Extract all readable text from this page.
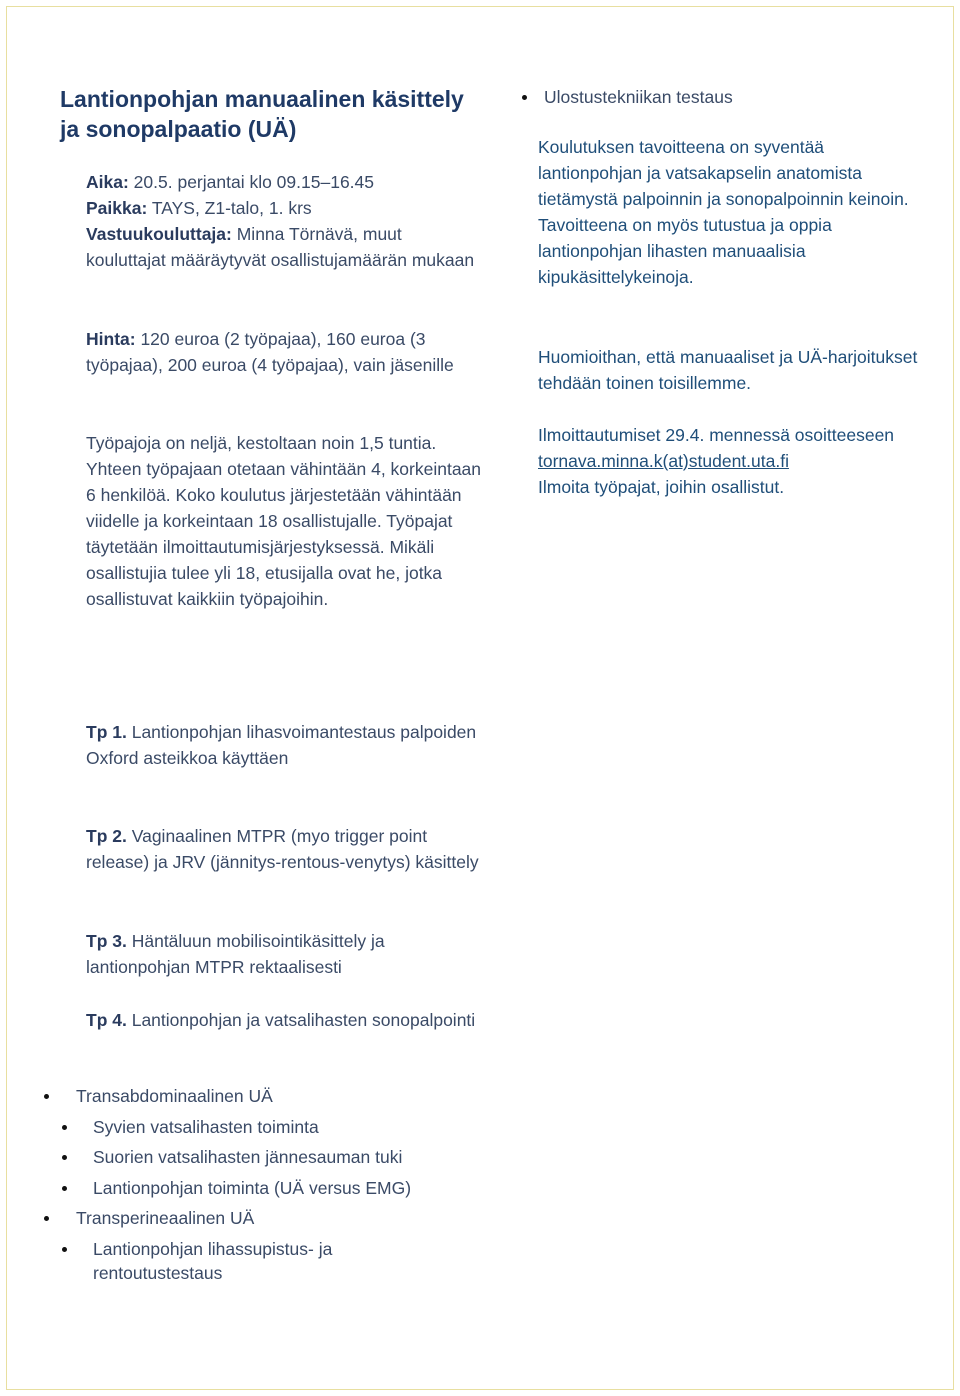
Lantionpohjan manuaalinen käsittely ja sonopalpaatio (UÄ)
Aika: 20.5. perjantai klo 09.15–16.45
Paikka: TAYS, Z1-talo, 1. krs
Vastuukouluttaja: Minna Törnävä, muut kouluttajat määräytyvät osallistujamäärän mukaan
Hinta: 120 euroa (2 työpajaa), 160 euroa (3 työpajaa), 200 euroa (4 työpajaa), vain jäsenille
Työpajoja on neljä, kestoltaan noin 1,5 tuntia. Yhteen työpajaan otetaan vähintään 4, korkeintaan 6 henkilöä. Koko koulutus järjestetään vähintään viidelle ja korkeintaan 18 osallistujalle. Työpajat täytetään ilmoittautumisjärjestyksessä. Mikäli osallistujia tulee yli 18, etusijalla ovat he, jotka osallistuvat kaikkiin työpajoihin.
Tp 1. Lantionpohjan lihasvoimantestaus palpoiden Oxford asteikkoa käyttäen
Tp 2. Vaginaalinen MTPR (myo trigger point release) ja JRV (jännitys-rentous-venytys) käsittely
Tp 3. Häntäluun mobilisointikäsittely ja lantionpohjan MTPR rektaalisesti
Tp 4. Lantionpohjan ja vatsalihasten sonopalpointi
Transabdominaalinen UÄ
Syvien vatsalihasten toiminta
Suorien vatsalihasten jännesauman tuki
Lantionpohjan toiminta (UÄ versus EMG)
Transperineaalinen UÄ
Lantionpohjan lihassupistus- ja rentoutustestaus
Ulostustekniikan testaus
Koulutuksen tavoitteena on syventää lantionpohjan ja vatsakapselin anatomista tietämystä palpoinnin ja sonopalpoinnin keinoin. Tavoitteena on myös tutustua ja oppia lantionpohjan lihasten manuaalisia kipukäsittelykeinoja.
Huomioithan, että manuaaliset ja UÄ-harjoitukset tehdään toinen toisillemme.
Ilmoittautumiset 29.4. mennessä osoitteeseen
tornava.minna.k(at)student.uta.fi
Ilmoita työpajat, joihin osallistut.
